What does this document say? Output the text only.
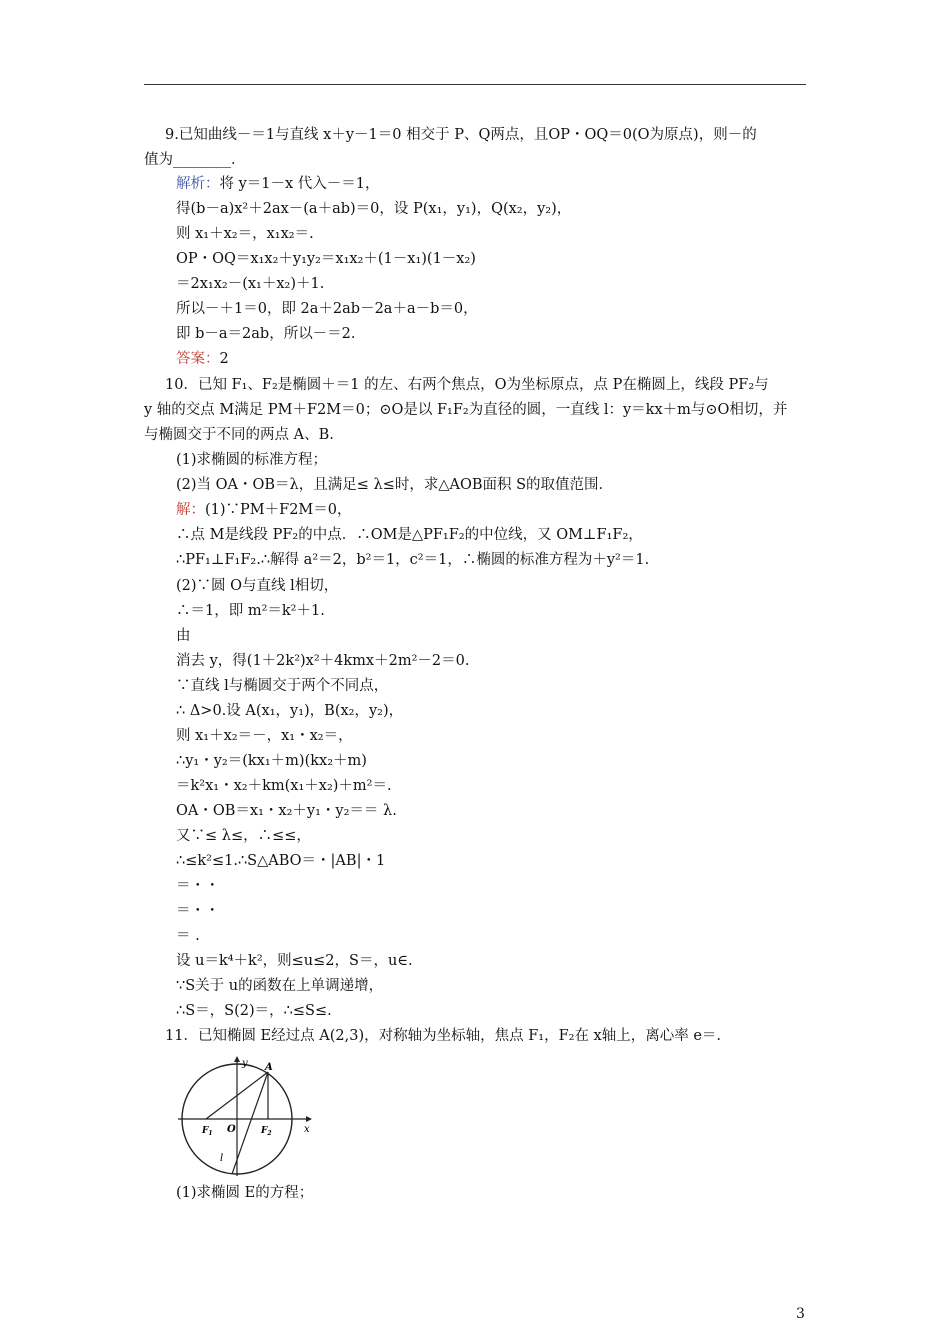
9.已知曲线－＝1与直线 x＋y－1＝0 相交于 P、Q两点，且OP・OQ＝0(O为原点)，则－的
值为________．
解析：将 y＝1－x 代入－＝1，
得(b－a)x²＋2ax－(a＋ab)＝0，设 P(x₁，y₁)，Q(x₂，y₂)，
则 x₁＋x₂＝，x₁x₂＝.
OP・OQ＝x₁x₂＋y₁y₂＝x₁x₂＋(1－x₁)(1－x₂)
＝2x₁x₂－(x₁＋x₂)＋1.
所以－＋1＝0，即 2a＋2ab－2a＋a－b＝0，
即 b－a＝2ab，所以－＝2.
答案：2
10．已知 F₁、F₂是椭圆＋＝1 的左、右两个焦点，O为坐标原点，点 P在椭圆上，线段 PF₂与
y 轴的交点 M满足 PM＋F2M＝0；⊙O是以 F₁F₂为直径的圆，一直线 l：y＝kx＋m与⊙O相切，并
与椭圆交于不同的两点 A、B.
(1)求椭圆的标准方程；
(2)当 OA・OB＝λ，且满足≤ λ≤时，求△AOB面积 S的取值范围．
解：(1)∵PM＋F2M＝0，
∴点 M是线段 PF₂的中点．∴OM是△PF₁F₂的中位线，又 OM⊥F₁F₂，
∴PF₁⊥F₁F₂.∴解得 a²＝2，b²＝1，c²＝1，∴椭圆的标准方程为＋y²＝1.
(2)∵圆 O与直线 l相切，
∴＝1，即 m²＝k²＋1.
由
消去 y，得(1＋2k²)x²＋4kmx＋2m²－2＝0.
∵直线 l与椭圆交于两个不同点，
∴ Δ>0.设 A(x₁，y₁)，B(x₂，y₂)，
则 x₁＋x₂＝－，x₁・x₂＝，
∴y₁・y₂＝(kx₁＋m)(kx₂＋m)
＝k²x₁・x₂＋km(x₁＋x₂)＋m²＝.
OA・OB＝x₁・x₂＋y₁・y₂＝＝ λ.
又∵≤ λ≤，∴≤≤，
∴≤k²≤1.∴S△ABO＝・|AB|・1
＝・・
＝・・
＝ .
设 u＝k⁴＋k²，则≤u≤2，S＝，u∈.
∵S关于 u的函数在上单调递增，
∴S＝，S(2)＝，∴≤S≤.
11．已知椭圆 E经过点 A(2,3)，对称轴为坐标轴，焦点 F₁，F₂在 x轴上，离心率 e＝.
(1)求椭圆 E的方程；
y
x
A
O
$F_1$	$F_2$
l
3
